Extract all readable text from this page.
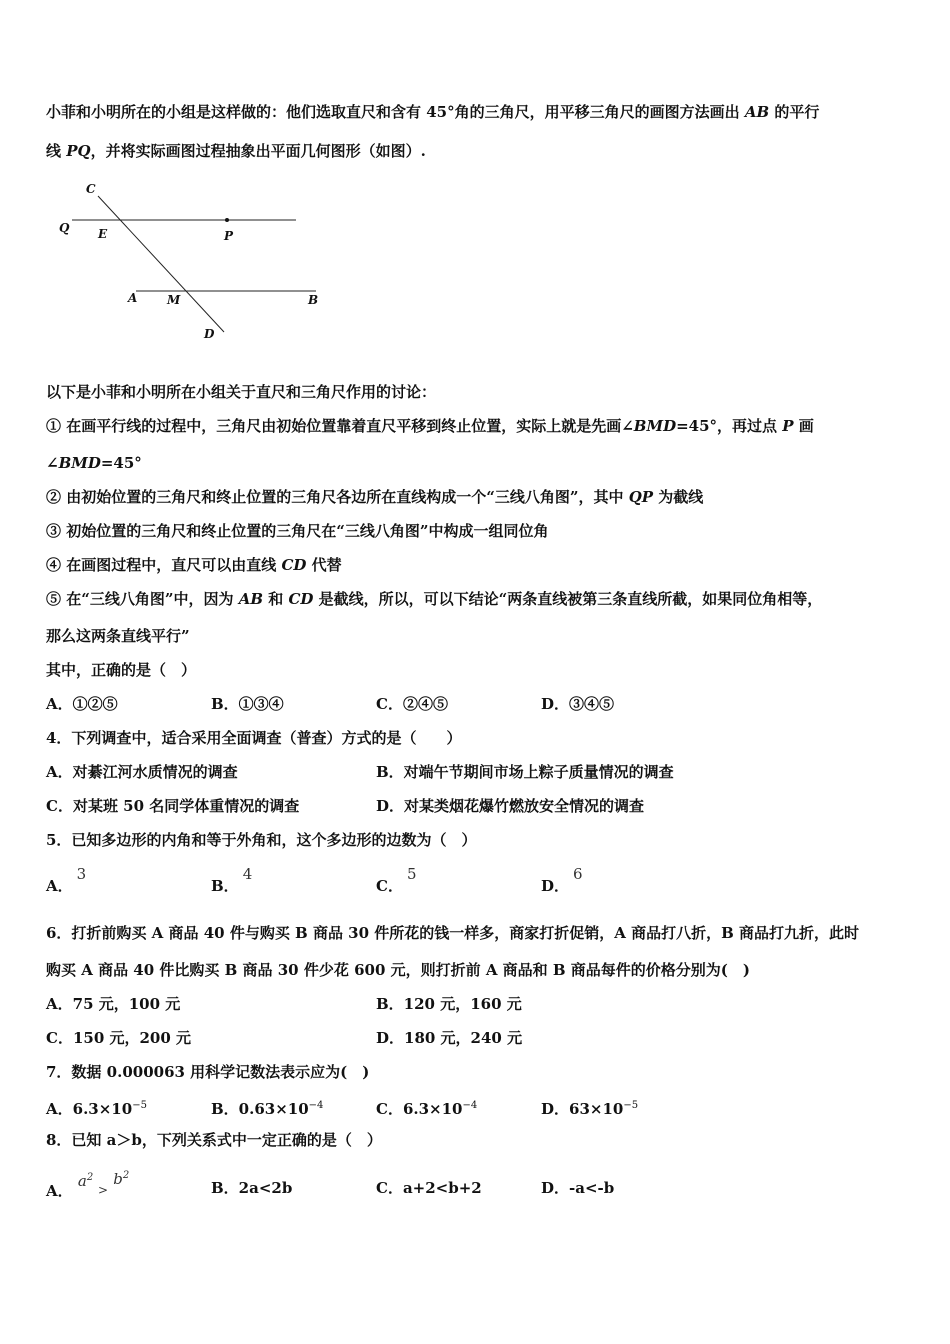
小菲和小明所在的小组是这样做的：他们选取直尺和含有 45°角的三角尺，用平移三角尺的画图方法画出 AB 的平行
线 PQ，并将实际画图过程抽象出平面几何图形（如图）.
C
Q E	P
A M	B
D
以下是小菲和小明所在小组关于直尺和三角尺作用的讨论：
① 在画平行线的过程中，三角尺由初始位置靠着直尺平移到终止位置，实际上就是先画∠BMD=45°，再过点 P 画
∠BMD=45°
② 由初始位置的三角尺和终止位置的三角尺各边所在直线构成一个“三线八角图”，其中 QP 为截线
③ 初始位置的三角尺和终止位置的三角尺在“三线八角图”中构成一组同位角
④ 在画图过程中，直尺可以由直线 CD 代替
⑤ 在“三线八角图”中，因为 AB 和 CD 是截线，所以，可以下结论“两条直线被第三条直线所截，如果同位角相等，
那么这两条直线平行”
其中，正确的是（　）
A．①②⑤	B．①③④	C．②④⑤	D．③④⑤
4．下列调查中，适合采用全面调查（普查）方式的是（　　）
A．对綦江河水质情况的调查	B．对端午节期间市场上粽子质量情况的调查
C．对某班 50 名同学体重情况的调查	D．对某类烟花爆竹燃放安全情况的调查
5．已知多边形的内角和等于外角和，这个多边形的边数为（　）
A．3
B．4
C．5
D．6
6．打折前购买 A 商品 40 件与购买 B 商品 30 件所花的钱一样多，商家打折促销，A 商品打八折，B 商品打九折，此时
购买 A 商品 40 件比购买 B 商品 30 件少花 600 元，则打折前 A 商品和 B 商品每件的价格分别为(　)
A．75 元，100 元	B．120 元，160 元
C．150 元，200 元	D．180 元，240 元
7．数据 0.000063 用科学记数法表示应为(　)
A．$6.3\times 10^{-5}$	B．$0.63\times 10^{-4}$	C．$6.3\times 10^{-4}$	D．$63\times 10^{-5}$
8．已知 a＞b，下列关系式中一定正确的是（　）
A． $a^2 > b^2$
B．2a<2b	C．a+2<b+2	D．-a<-b
